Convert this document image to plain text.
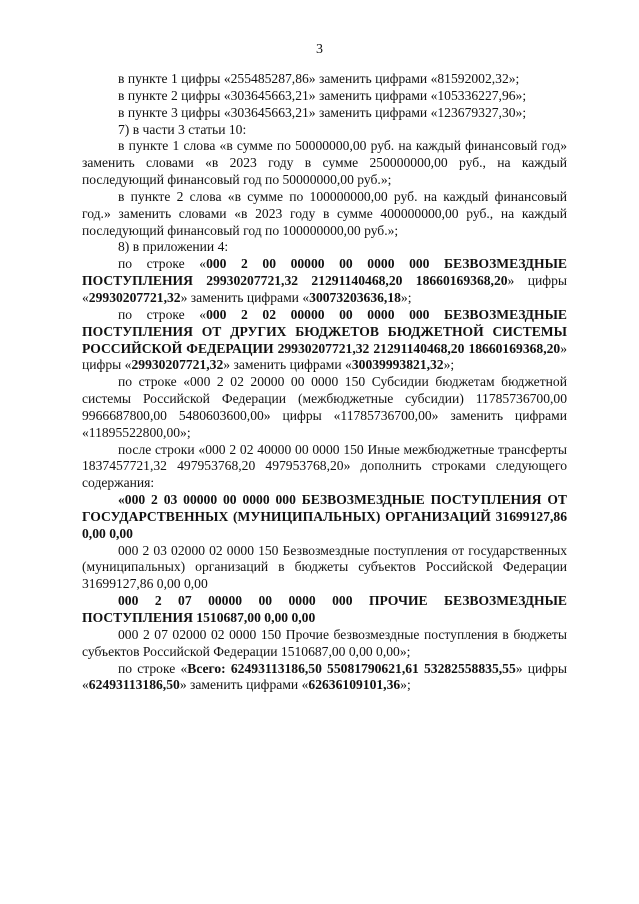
3

в пункте 1 цифры «255485287,86» заменить цифрами «81592002,32»;

в пункте 2 цифры «303645663,21» заменить цифрами «105336227,96»;

в пункте 3 цифры «303645663,21» заменить цифрами «123679327,30»;

7) в части 3 статьи 10:

в пункте 1 слова «в сумме по 50000000,00 руб. на каждый финансовый год» заменить словами «в 2023 году в сумме 250000000,00 руб., на каждый последующий финансовый год по 50000000,00 руб.»;

в пункте 2 слова «в сумме по 100000000,00 руб. на каждый финансовый год.» заменить словами «в 2023 году в сумме 400000000,00 руб., на каждый последующий финансовый год по 100000000,00 руб.»;

8) в приложении 4:

по строке «000 2 00 00000 00 0000 000 БЕЗВОЗМЕЗДНЫЕ ПОСТУПЛЕНИЯ 29930207721,32 21291140468,20 18660169368,20» цифры «29930207721,32» заменить цифрами «30073203636,18»;

по строке «000 2 02 00000 00 0000 000 БЕЗВОЗМЕЗДНЫЕ ПОСТУПЛЕНИЯ ОТ ДРУГИХ БЮДЖЕТОВ БЮДЖЕТНОЙ СИСТЕМЫ РОССИЙСКОЙ ФЕДЕРАЦИИ 29930207721,32 21291140468,20 18660169368,20» цифры «29930207721,32» заменить цифрами «30039993821,32»;

по строке «000 2 02 20000 00 0000 150 Субсидии бюджетам бюджетной системы Российской Федерации (межбюджетные субсидии) 11785736700,00 9966687800,00 5480603600,00» цифры «11785736700,00» заменить цифрами «11895522800,00»;

после строки «000 2 02 40000 00 0000 150 Иные межбюджетные трансферты 1837457721,32 497953768,20 497953768,20» дополнить строками следующего содержания:

«000 2 03 00000 00 0000 000 БЕЗВОЗМЕЗДНЫЕ ПОСТУПЛЕНИЯ ОТ ГОСУДАРСТВЕННЫХ (МУНИЦИПАЛЬНЫХ) ОРГАНИЗАЦИЙ 31699127,86 0,00 0,00

000 2 03 02000 02 0000 150 Безвозмездные поступления от государственных (муниципальных) организаций в бюджеты субъектов Российской Федерации 31699127,86 0,00 0,00

000 2 07 00000 00 0000 000 ПРОЧИЕ БЕЗВОЗМЕЗДНЫЕ ПОСТУПЛЕНИЯ 1510687,00 0,00 0,00

000 2 07 02000 02 0000 150 Прочие безвозмездные поступления в бюджеты субъектов Российской Федерации 1510687,00 0,00 0,00»;

по строке «Всего: 62493113186,50 55081790621,61 53282558835,55» цифры «62493113186,50» заменить цифрами «62636109101,36»;
